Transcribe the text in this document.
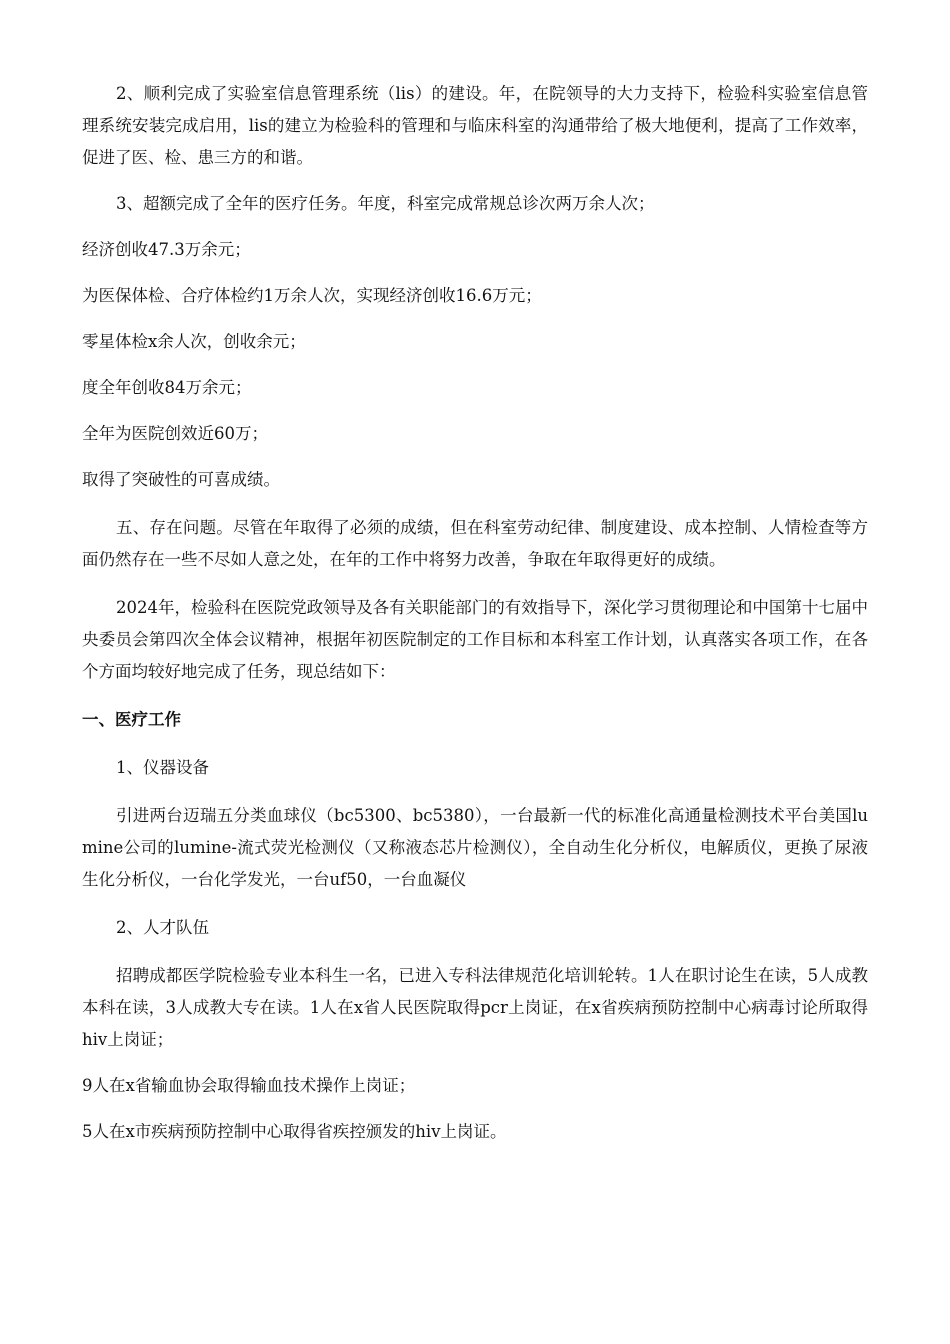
2、顺利完成了实验室信息管理系统（lis）的建设。年，在院领导的大力支持下，检验科实验室信息管理系统安装完成启用，lis的建立为检验科的管理和与临床科室的沟通带给了极大地便利，提高了工作效率，促进了医、检、患三方的和谐。

3、超额完成了全年的医疗任务。年度，科室完成常规总诊次两万余人次；

经济创收47.3万余元；

为医保体检、合疗体检约1万余人次，实现经济创收16.6万元；

零星体检x余人次，创收余元；

度全年创收84万余元；

全年为医院创效近60万；

取得了突破性的可喜成绩。

五、存在问题。尽管在年取得了必须的成绩，但在科室劳动纪律、制度建设、成本控制、人情检查等方面仍然存在一些不尽如人意之处，在年的工作中将努力改善，争取在年取得更好的成绩。

2024年，检验科在医院党政领导及各有关职能部门的有效指导下，深化学习贯彻理论和中国第十七届中央委员会第四次全体会议精神，根据年初医院制定的工作目标和本科室工作计划，认真落实各项工作，在各个方面均较好地完成了任务，现总结如下：

一、医疗工作

1、仪器设备

引进两台迈瑞五分类血球仪（bc5300、bc5380），一台最新一代的标准化高通量检测技术平台美国lumine公司的lumine-流式荧光检测仪（又称液态芯片检测仪），全自动生化分析仪，电解质仪，更换了尿液生化分析仪，一台化学发光，一台uf50，一台血凝仪

2、人才队伍

招聘成都医学院检验专业本科生一名，已进入专科法律规范化培训轮转。1人在职讨论生在读，5人成教本科在读，3人成教大专在读。1人在x省人民医院取得pcr上岗证，在x省疾病预防控制中心病毒讨论所取得hiv上岗证；

9人在x省输血协会取得输血技术操作上岗证；

5人在x市疾病预防控制中心取得省疾控颁发的hiv上岗证。
